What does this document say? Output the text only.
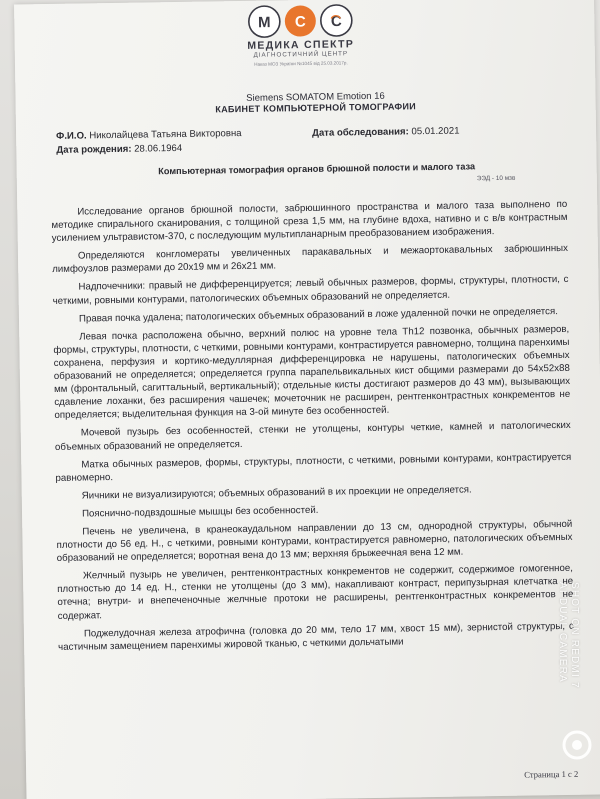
M C C
МЕДИКА СПЕКТР
ДІАГНОСТИЧНИЙ ЦЕНТР
Наказ МОЗ України №1045 від 25.03.2017р.
Siemens SOMATOM Emotion 16
КАБИНЕТ КОМПЬЮТЕРНОЙ ТОМОГРАФИИ
Ф.И.О. Николайцева Татьяна Викторовна	Дата обследования: 05.01.2021
Дата рождения: 28.06.1964
Компьютерная томография органов брюшной полости и малого таза
ЭЭД - 10 мзв

Исследование органов брюшной полости, забрюшинного пространства и малого таза выполнено по методике спирального сканирования, с толщиной среза 1,5 мм, на глубине вдоха, нативно и с в/в контрастным усилением ультравистом-370, с последующим мультипланарным преобразованием изображения.

Определяются конгломераты увеличенных паракавальных и межаортокавальных забрюшинных лимфоузлов размерами до 20х19 мм и 26х21 мм.

Надпочечники: правый не дифференцируется; левый обычных размеров, формы, структуры, плотности, с четкими, ровными контурами, патологических объемных образований не определяется.

Правая почка удалена; патологических объемных образований в ложе удаленной почки не определяется.

Левая почка расположена обычно, верхний полюс на уровне тела Th12 позвонка, обычных размеров, формы, структуры, плотности, с четкими, ровными контурами, контрастируется равномерно, толщина паренхимы сохранена, перфузия и кортико-медуллярная дифференцировка не нарушены, патологических объемных образований не определяется; определяется группа парапельвикальных кист общими размерами до 54х52х88 мм (фронтальный, сагиттальный, вертикальный); отдельные кисты достигают размеров до 43 мм), вызывающих сдавление лоханки, без расширения чашечек; мочеточник не расширен, рентгенконтрастных конкрементов не определяется; выделительная функция на 3-ой минуте без особенностей.

Мочевой пузырь без особенностей, стенки не утолщены, контуры четкие, камней и патологических объемных образований не определяется.

Матка обычных размеров, формы, структуры, плотности, с четкими, ровными контурами, контрастируется равномерно.

Яичники не визуализируются; объемных образований в их проекции не определяется.

Пояснично-подвздошные мышцы без особенностей.

Печень не увеличена, в кранеокаудальном направлении до 13 см, однородной структуры, обычной плотности до 56 ед. Н., с четкими, ровными контурами, контрастируется равномерно, патологических объемных образований не определяется; воротная вена до 13 мм; верхняя брыжеечная вена 12 мм.

Желчный пузырь не увеличен, рентгенконтрастных конкрементов не содержит, содержимое гомогенное, плотностью до 14 ед. Н., стенки не утолщены (до 3 мм), накапливают контраст, перипузырная клетчатка не отечна; внутри- и внепеченочные желчные протоки не расширены, рентгенконтрастных конкрементов не содержат.

Поджелудочная железа атрофична (головка до 20 мм, тело 17 мм, хвост 15 мм), зернистой структуры, с частичным замещением паренхимы жировой тканью, с четкими дольчатыми

Страница 1 с 2
SHOT ON REDMI 7
AI DUAL CAMERA
